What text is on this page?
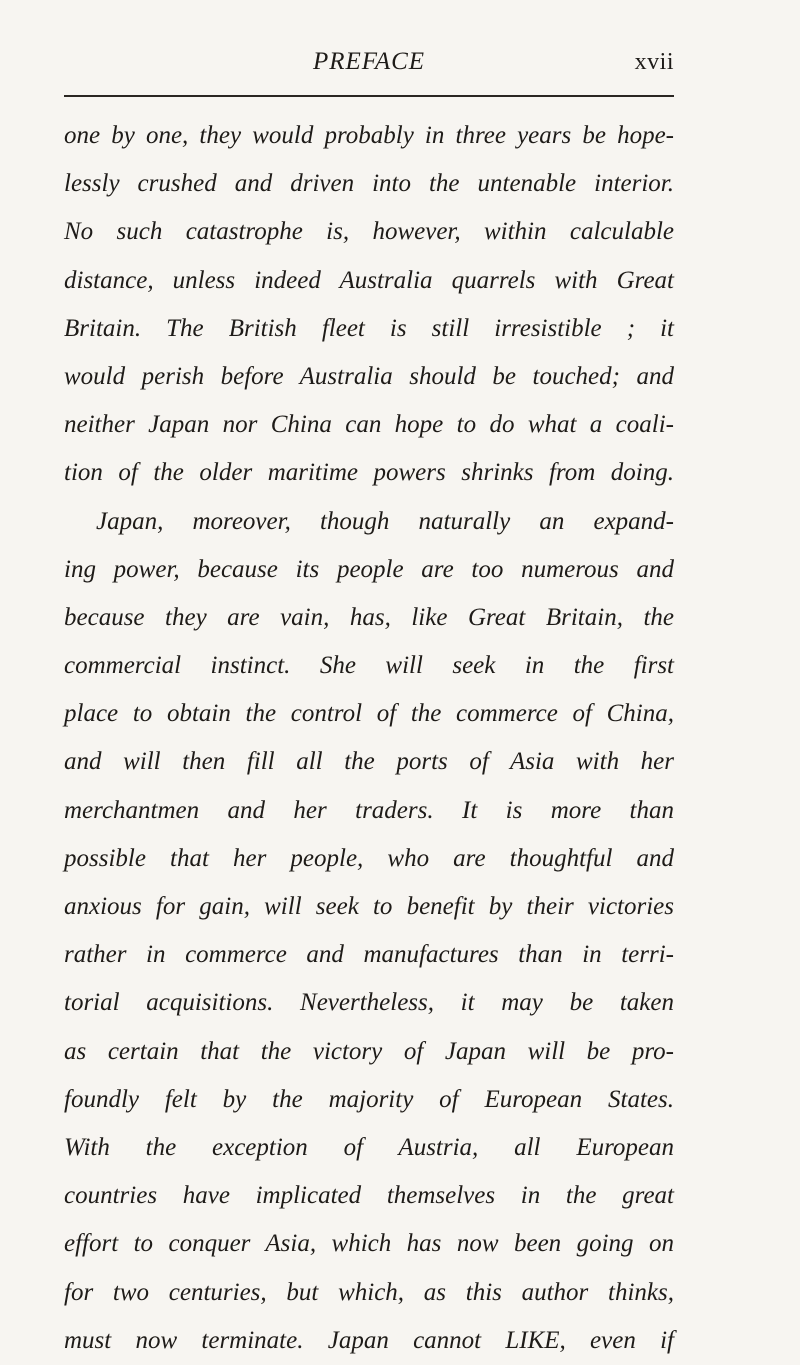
PREFACE	xvii
one by one, they would probably in three years be hope-
lessly crushed and driven into the untenable interior.
No such catastrophe is, however, within calculable
distance, unless indeed Australia quarrels with Great
Britain. The British fleet is still irresistible ; it
would perish before Australia should be touched; and
neither Japan nor China can hope to do what a coali-
tion of the older maritime powers shrinks from doing.
Japan, moreover, though naturally an expand-
ing power, because its people are too numerous and
because they are vain, has, like Great Britain, the
commercial instinct. She will seek in the first
place to obtain the control of the commerce of China,
and will then fill all the ports of Asia with her
merchantmen and her traders. It is more than
possible that her people, who are thoughtful and
anxious for gain, will seek to benefit by their victories
rather in commerce and manufactures than in terri-
torial acquisitions. Nevertheless, it may be taken
as certain that the victory of Japan will be pro-
foundly felt by the majority of European States.
With the exception of Austria, all European
countries have implicated themselves in the great
effort to conquer Asia, which has now been going on
for two centuries, but which, as this author thinks,
must now terminate. Japan cannot LIKE, even if
